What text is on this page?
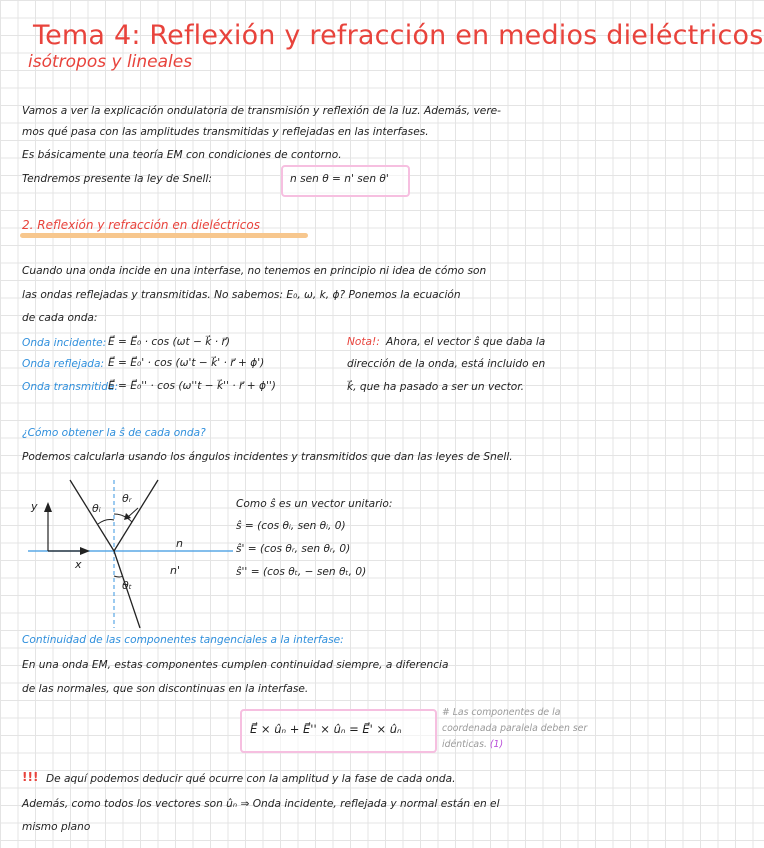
Tema 4: Reflexión y refracción en medios dieléctricos
isótropos y lineales
Vamos a ver la explicación ondulatoria de transmisión y reflexión de la luz. Además, vere-
mos qué pasa con las amplitudes transmitidas y reflejadas en las interfases.
Es básicamente una teoría EM con condiciones de contorno.
Tendremos presente la ley de Snell:	n sen θ = n' sen θ'
2. Reflexión y refracción en dieléctricos
Cuando una onda incide en una interfase, no tenemos en principio ni idea de cómo son
las ondas reflejadas y transmitidas. No sabemos: E₀, ω, k, ϕ? Ponemos la ecuación
de cada onda:
Onda incidente: E⃗ = E⃗₀ · cos (ωt − k⃗ · r⃗)
Onda reflejada: E⃗ = E⃗₀' · cos (ω't − k⃗' · r⃗ + ϕ')
Onda transmitida:
E⃗ = E⃗₀'' · cos (ω''t − k⃗'' · r⃗ + ϕ'')
Nota!: Ahora, el vector ŝ que daba la
dirección de la onda, está incluido en
k⃗, que ha pasado a ser un vector.
¿Cómo obtener la ŝ de cada onda?
Podemos calcularla usando los ángulos incidentes y transmitidos que dan las leyes de Snell.
y
x
θᵢ
θᵣ
θₜ
n
n'
Como ŝ es un vector unitario:
ŝ = (cos θᵢ, sen θᵢ, 0)
ŝ' = (cos θᵣ, sen θᵣ, 0)
ŝ'' = (cos θₜ, − sen θₜ, 0)
Continuidad de las componentes tangenciales a la interfase:
En una onda EM, estas componentes cumplen continuidad siempre, a diferencia
de las normales, que son discontinuas en la interfase.
E⃗ × ûₙ + E⃗'' × ûₙ = E⃗' × ûₙ
# Las componentes de la
coordenada paralela deben ser
idénticas. (1)
!!! De aquí podemos deducir qué ocurre con la amplitud y la fase de cada onda.
Además, como todos los vectores son ûₙ ⇒ Onda incidente, reflejada y normal están en el
mismo plano
